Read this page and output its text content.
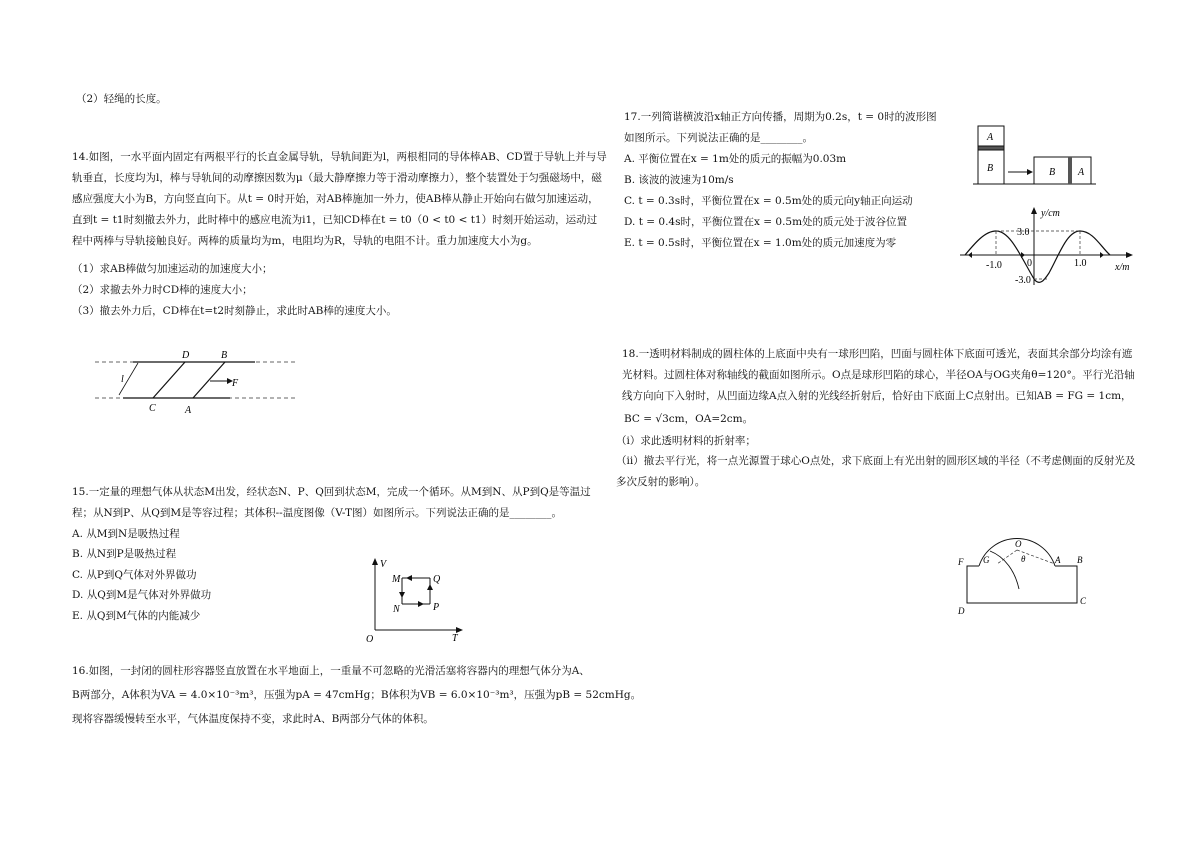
（2）轻绳的长度。
14.如图，一水平面内固定有两根平行的长直金属导轨，导轨间距为l，两根相同的导体棒AB、CD置于导轨上并与导轨垂直，长度均为l，棒与导轨间的动摩擦因数为μ（最大静摩擦力等于滑动摩擦力），整个装置处于匀强磁场中，磁感应强度大小为B，方向竖直向下。从t = 0时开始，对AB棒施加一外力，使AB棒从静止开始向右做匀加速运动，直到t = t1时刻撤去外力，此时棒中的感应电流为i1，已知CD棒在t = t0（0 < t0 < t1）时刻开始运动，运动过程中两棒与导轨接触良好。两棒的质量均为m，电阻均为R，导轨的电阻不计。重力加速度大小为g。
（1）求AB棒做匀加速运动的加速度大小；
（2）求撤去外力时CD棒的速度大小；
（3）撤去外力后，CD棒在t=t2时刻静止，求此时AB棒的速度大小。
D	B
C	A
F
l
15.一定量的理想气体从状态M出发，经状态N、P、Q回到状态M，完成一个循环。从M到N、从P到Q是等温过程；从N到P、从Q到M是等容过程；其体积--温度图像（V-T图）如图所示。下列说法正确的是________。
A. 从M到N是吸热过程
B. 从N到P是吸热过程
C. 从P到Q气体对外界做功
D. 从Q到M是气体对外界做功
E. 从Q到M气体的内能减少
V
T
O
M	Q
N	P
16.如图，一封闭的圆柱形容器竖直放置在水平地面上，一重量不可忽略的光滑活塞将容器内的理想气体分为A、
B两部分，A体积为VA = 4.0×10⁻³m³，压强为pA = 47cmHg；B体积为VB = 6.0×10⁻³m³，压强为pB = 52cmHg。
现将容器缓慢转至水平，气体温度保持不变，求此时A、B两部分气体的体积。
17.一列简谐横波沿x轴正方向传播，周期为0.2s，t = 0时的波形图
如图所示。下列说法正确的是________。
A. 平衡位置在x = 1m处的质元的振幅为0.03m
B. 该波的波速为10m/s
C. t = 0.3s时，平衡位置在x = 0.5m处的质元向y轴正向运动
D. t = 0.4s时，平衡位置在x = 0.5m处的质元处于波谷位置
E. t = 0.5s时，平衡位置在x = 1.0m处的质元加速度为零
A
B	B A
y/cm
x/m
3.0
-3.0
-1.0	0	1.0
18.一透明材料制成的圆柱体的上底面中央有一球形凹陷，凹面与圆柱体下底面可透光，表面其余部分均涂有遮光材料。过圆柱体对称轴线的截面如图所示。O点是球形凹陷的球心，半径OA与OG夹角θ=120°。平行光沿轴线方向向下入射时，从凹面边缘A点入射的光线经折射后，恰好由下底面上C点射出。已知AB = FG = 1cm，
BC = √3cm，OA=2cm。
（i）求此透明材料的折射率；
（ii）撤去平行光，将一点光源置于球心O点处，求下底面上有光出射的圆形区域的半径（不考虑侧面的反射光及多次反射的影响）。
O
F G	θ	A B
C
D
